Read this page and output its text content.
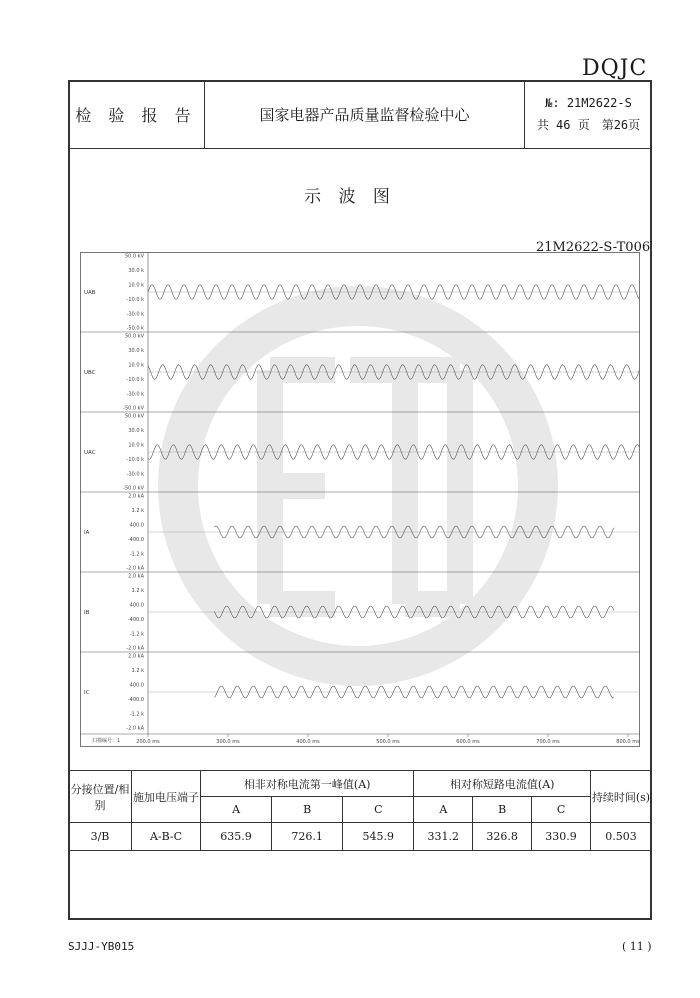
DQJC
检 验 报 告	国家电器产品质量监督检验中心
№: 21M2622-S
共 46 页　第26页
示 波 图
21M2622-S-T006
UAB
50.0 kV
30.0 k
10.0 k
-10.0 k
-30.0 k
-50.0 k
UBC
50.0 kV
30.0 k
10.0 k
-10.0 k
-30.0 k
-50.0 kV
UAC
50.0 kV
30.0 k
10.0 k
-10.0 k
-30.0 k
-50.0 kV
IA
2.0 kA
1.2 k
400.0
-400.0
-1.2 k
-2.0 kA
IB
2.0 kA
1.2 k
400.0
-400.0
-1.2 k
-2.0 kA
IC
2.0 kA
1.2 k
400.0
-400.0
-1.2 k
-2.0 kA
扫描编号：1	200.0 ms	300.0 ms	400.0 ms	500.0 ms	600.0 ms	700.0 ms	800.0 ms
分接位置/相别	施加电压端子	相非对称电流第一峰值(A)			相对称短路电流值(A)			持续时间(s)
		A	B	C	A	B	C	
3/B	A-B-C	635.9	726.1	545.9	331.2	326.8	330.9	0.503
SJJJ-YB015	( 11 )
